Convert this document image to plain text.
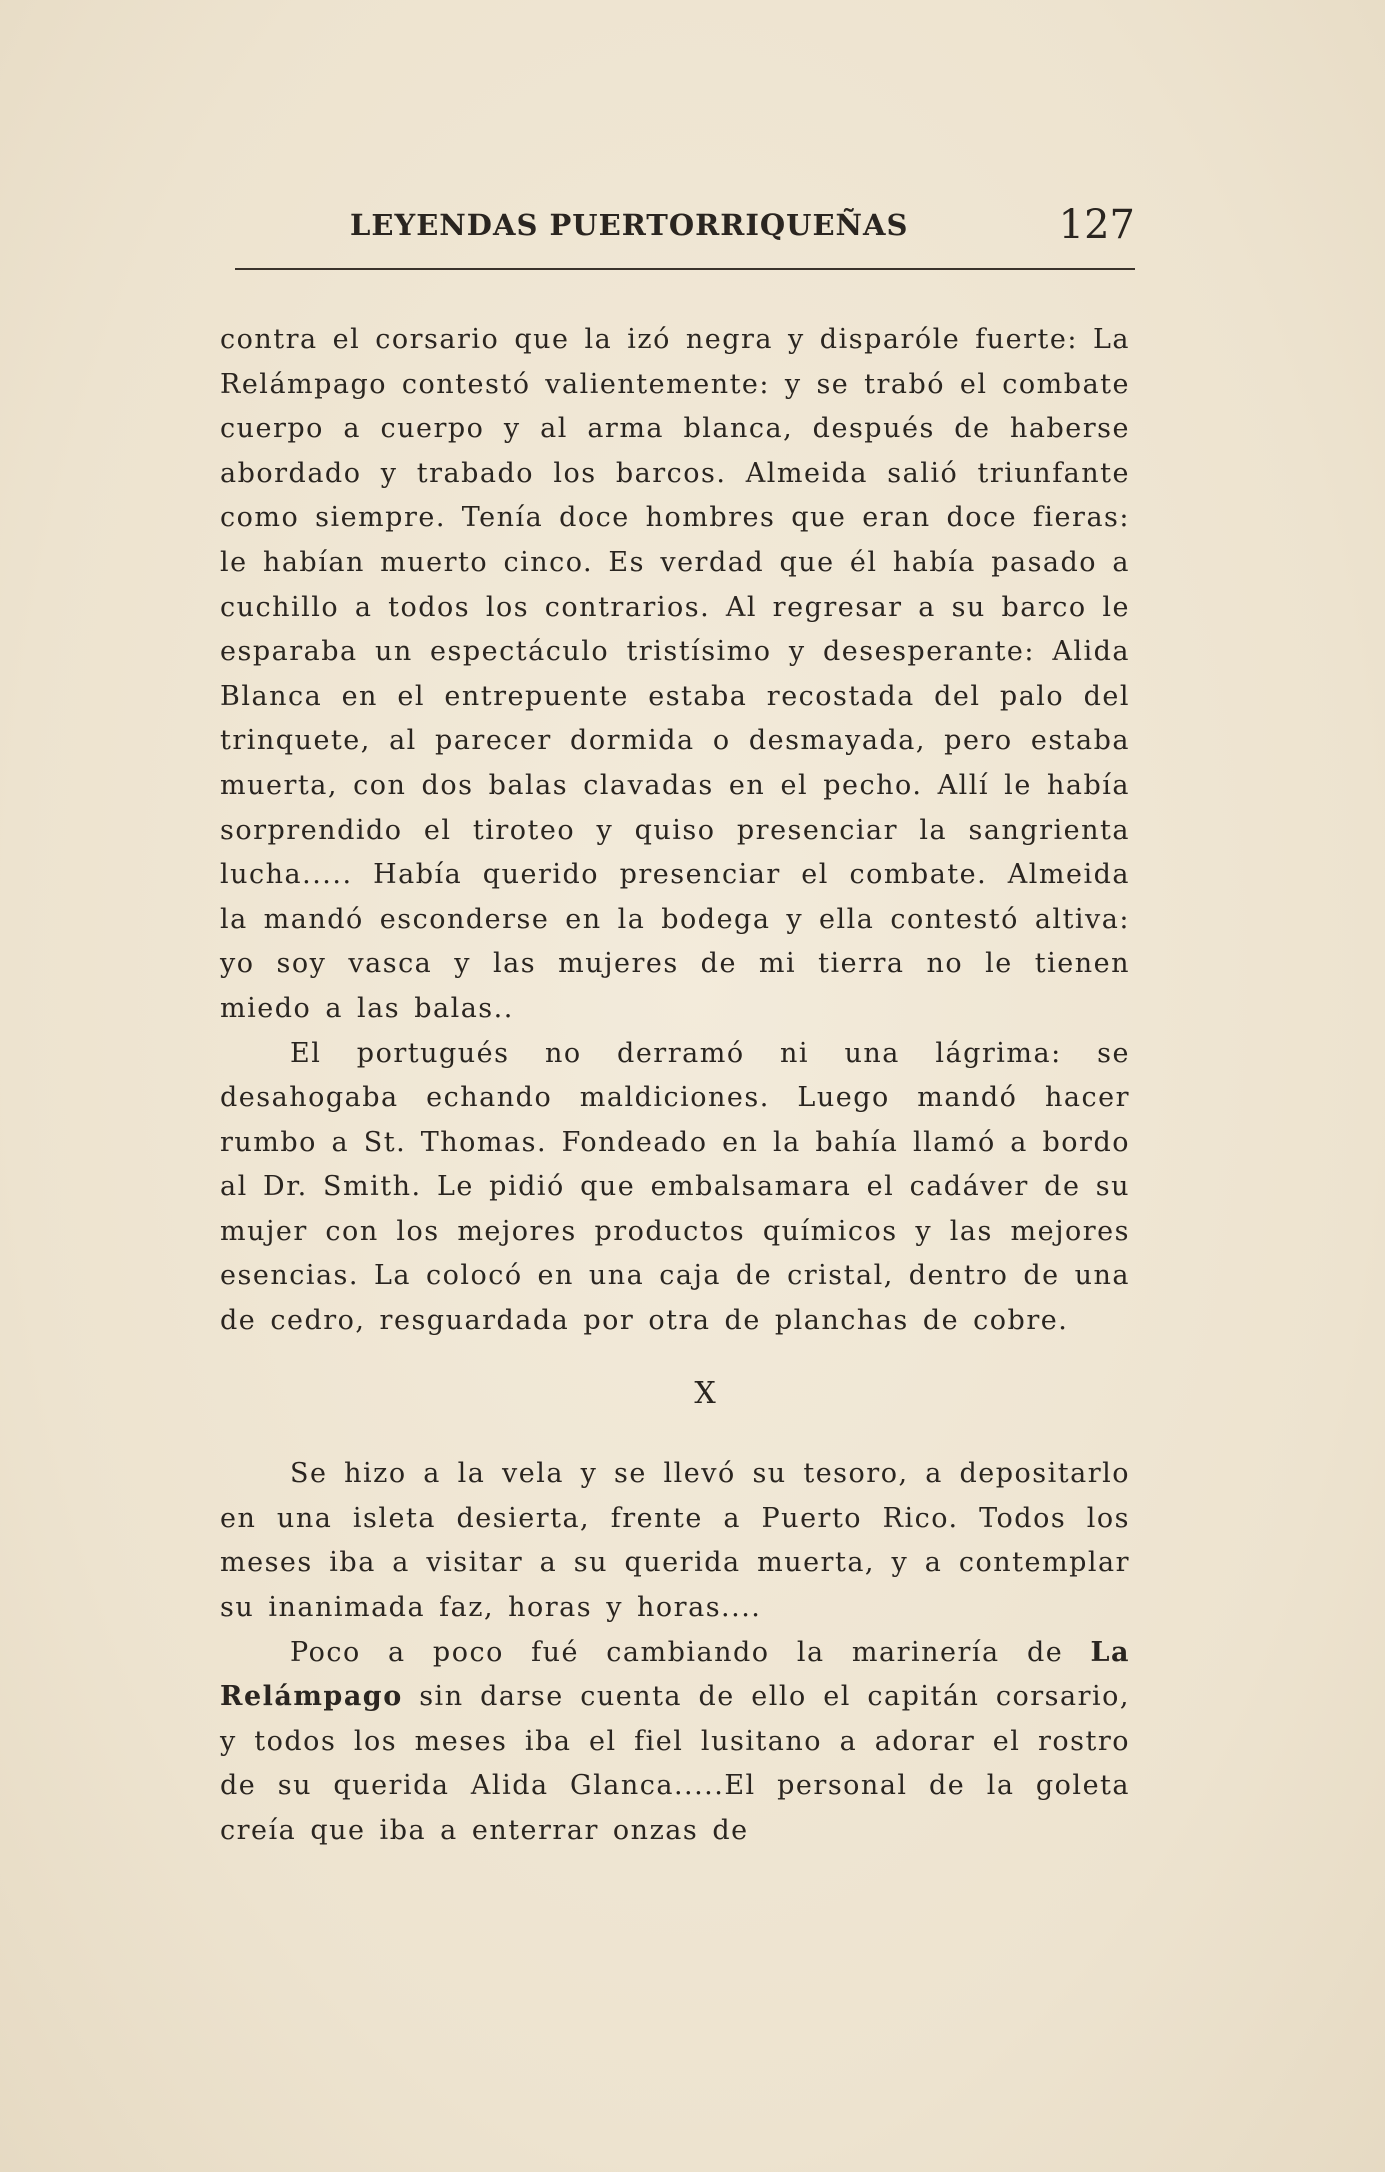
LEYENDAS PUERTORRIQUEÑAS	127

contra el corsario que la izó negra y disparóle fuerte: La Relámpago contestó valientemente: y se trabó el combate cuerpo a cuerpo y al arma blanca, después de haberse abordado y trabado los barcos. Almeida salió triunfante como siempre. Tenía doce hombres que eran doce fieras: le habían muerto cinco. Es verdad que él había pasado a cuchillo a todos los contrarios. Al regresar a su barco le esparaba un espectáculo tristísimo y desesperante: Alida Blanca en el entrepuente estaba recostada del palo del trinquete, al parecer dormida o desmayada, pero estaba muerta, con dos balas clavadas en el pecho. Allí le había sorprendido el tiroteo y quiso presenciar la sangrienta lucha..... Había querido presenciar el combate. Almeida la mandó esconderse en la bodega y ella contestó altiva: yo soy vasca y las mujeres de mi tierra no le tienen miedo a las balas..

El portugués no derramó ni una lágrima: se desahogaba echando maldiciones. Luego mandó hacer rumbo a St. Thomas. Fondeado en la bahía llamó a bordo al Dr. Smith. Le pidió que embalsamara el cadáver de su mujer con los mejores productos químicos y las mejores esencias. La colocó en una caja de cristal, dentro de una de cedro, resguardada por otra de planchas de cobre.

X

Se hizo a la vela y se llevó su tesoro, a depositarlo en una isleta desierta, frente a Puerto Rico. Todos los meses iba a visitar a su querida muerta, y a contemplar su inanimada faz, horas y horas....

Poco a poco fué cambiando la marinería de La Relámpago sin darse cuenta de ello el capitán corsario, y todos los meses iba el fiel lusitano a adorar el rostro de su querida Alida Glanca.....El personal de la goleta creía que iba a enterrar onzas de
